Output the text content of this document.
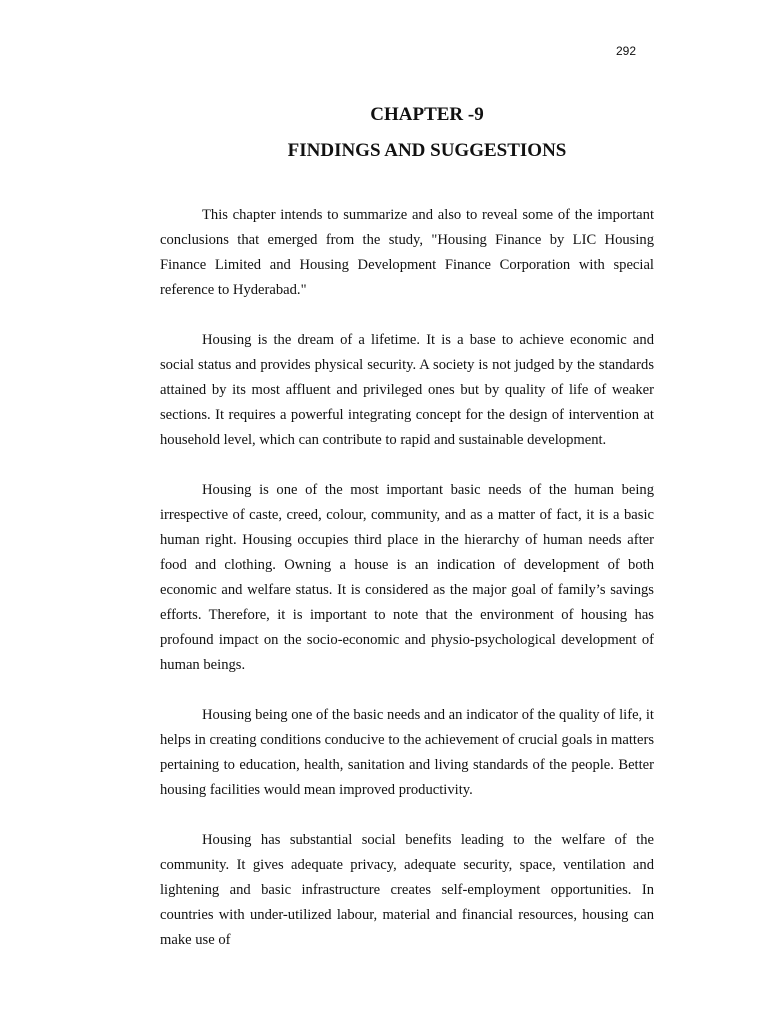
292
CHAPTER -9
FINDINGS AND SUGGESTIONS

This chapter intends to summarize and also to reveal some of the important conclusions that emerged from the study, "Housing Finance by LIC Housing Finance Limited and Housing Development Finance Corporation with special reference to Hyderabad."

Housing is the dream of a lifetime. It is a base to achieve economic and social status and provides physical security. A society is not judged by the standards attained by its most affluent and privileged ones but by quality of life of weaker sections. It requires a powerful integrating concept for the design of intervention at household level, which can contribute to rapid and sustainable development.

Housing is one of the most important basic needs of the human being irrespective of caste, creed, colour, community, and as a matter of fact, it is a basic human right. Housing occupies third place in the hierarchy of human needs after food and clothing. Owning a house is an indication of development of both economic and welfare status. It is considered as the major goal of family’s savings efforts. Therefore, it is important to note that the environment of housing has profound impact on the socio-economic and physio-psychological development of human beings.

Housing being one of the basic needs and an indicator of the quality of life, it helps in creating conditions conducive to the achievement of crucial goals in matters pertaining to education, health, sanitation and living standards of the people. Better housing facilities would mean improved productivity.

Housing has substantial social benefits leading to the welfare of the community. It gives adequate privacy, adequate security, space, ventilation and lightening and basic infrastructure creates self-employment opportunities. In countries with under-utilized labour, material and financial resources, housing can make use of
